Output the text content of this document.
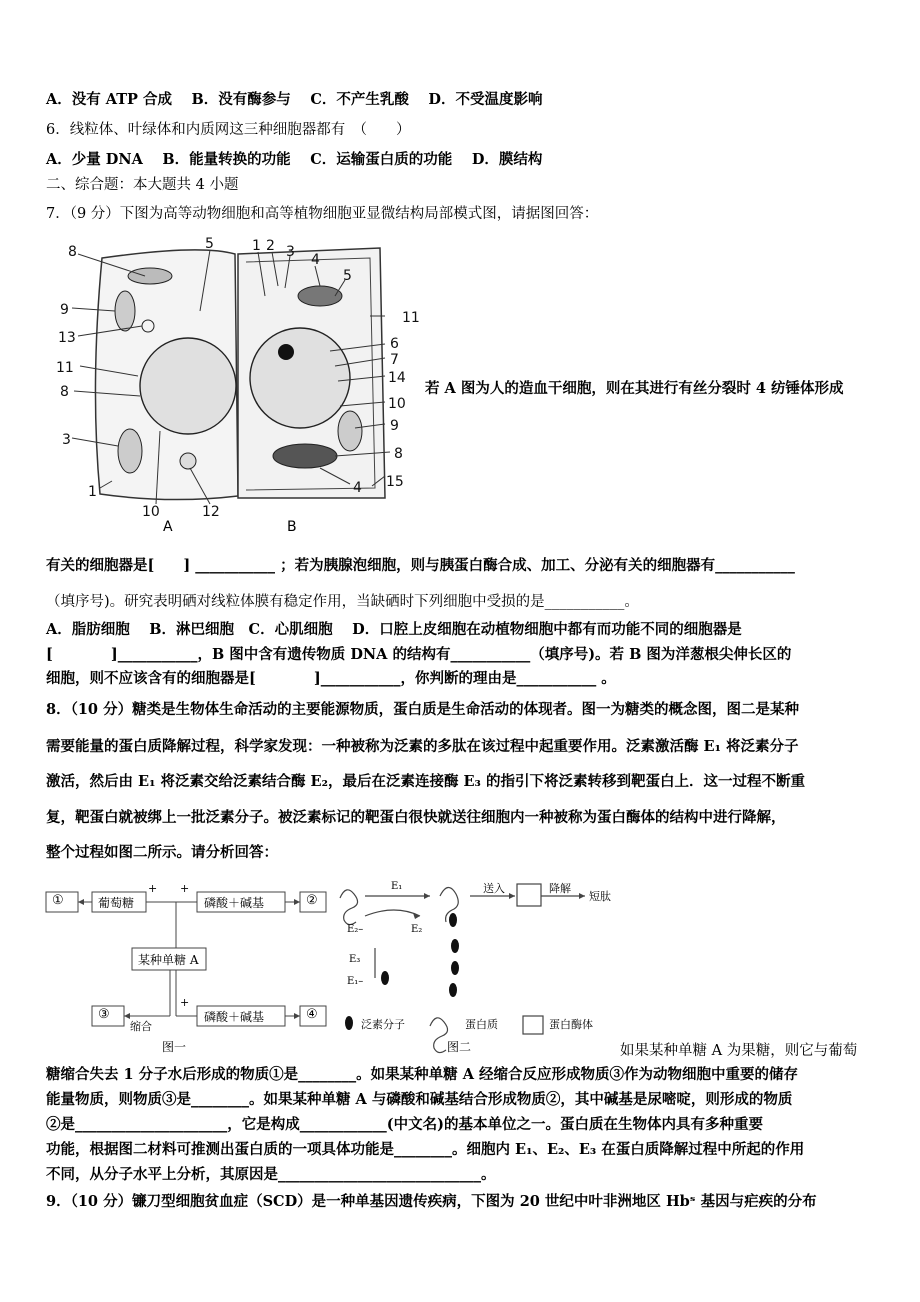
A．没有 ATP 合成　 B．没有酶参与　 C．不产生乳酸　 D．不受温度影响
6．线粒体、叶绿体和内质网这三种细胞器都有　（　　）
A．少量 DNA　 B．能量转换的功能　 C．运输蛋白质的功能　 D．膜结构
二、综合题：本大题共 4 小题
7．（9 分）下图为高等动物细胞和高等植物细胞亚显微结构局部模式图，请据图回答：
8	5
9
13
11
8
3
1
10	12
1 2 3 4
5
11
6
7
14
10
9
8
4 15
A	B
若 A 图为人的造血干细胞，则在其进行有丝分裂时 4 纺锤体形成
有关的细胞器是[　　] ___________ ；若为胰腺泡细胞，则与胰蛋白酶合成、加工、分泌有关的细胞器有___________
（填序号)。研究表明硒对线粒体膜有稳定作用，当缺硒时下列细胞中受损的是___________。
A．脂肪细胞　 B．淋巴细胞　C．心肌细胞　 D．口腔上皮细胞在动植物细胞中都有而功能不同的细胞器是
[　　　　]___________，B 图中含有遗传物质 DNA 的结构有___________（填序号)。若 B 图为洋葱根尖伸长区的
细胞，则不应该含有的细胞器是[　　　　]___________，你判断的理由是___________ 。
8．（10 分）糖类是生物体生命活动的主要能源物质，蛋白质是生命活动的体现者。图一为糖类的概念图，图二是某种
需要能量的蛋白质降解过程，科学家发现：一种被称为泛素的多肽在该过程中起重要作用。泛素激活酶 E₁ 将泛素分子
激活，然后由 E₁ 将泛素交给泛素结合酶 E₂，最后在泛素连接酶 E₃ 的指引下将泛素转移到靶蛋白上．这一过程不断重
复，靶蛋白就被绑上一批泛素分子。被泛素标记的靶蛋白很快就送往细胞内一种被称为蛋白酶体的结构中进行降解，
整个过程如图二所示。请分析回答：
①	葡萄糖	磷酸＋碱基	②
某种单糖 A
③	磷酸＋碱基	④
+ +
+
缩合
图一
E₁	送入	降解
短肽
E₂–	E₂
E₃
E₁–
泛素分子	蛋白质	蛋白酶体
图二	如果某种单糖 A 为果糖，则它与葡萄
糖缩合失去 1 分子水后形成的物质①是________。如果某种单糖 A 经缩合反应形成物质③作为动物细胞中重要的储存
能量物质，则物质③是________。如果某种单糖 A 与磷酸和碱基结合形成物质②，其中碱基是尿嘧啶，则形成的物质
②是_____________________，它是构成____________(中文名)的基本单位之一。蛋白质在生物体内具有多种重要
功能，根据图二材料可推测出蛋白质的一项具体功能是________。细胞内 E₁、E₂、E₃ 在蛋白质降解过程中所起的作用
不同，从分子水平上分析，其原因是____________________________。
9．（10 分）镰刀型细胞贫血症（SCD）是一种单基因遗传疾病，下图为 20 世纪中叶非洲地区 Hbˢ 基因与疟疾的分布
